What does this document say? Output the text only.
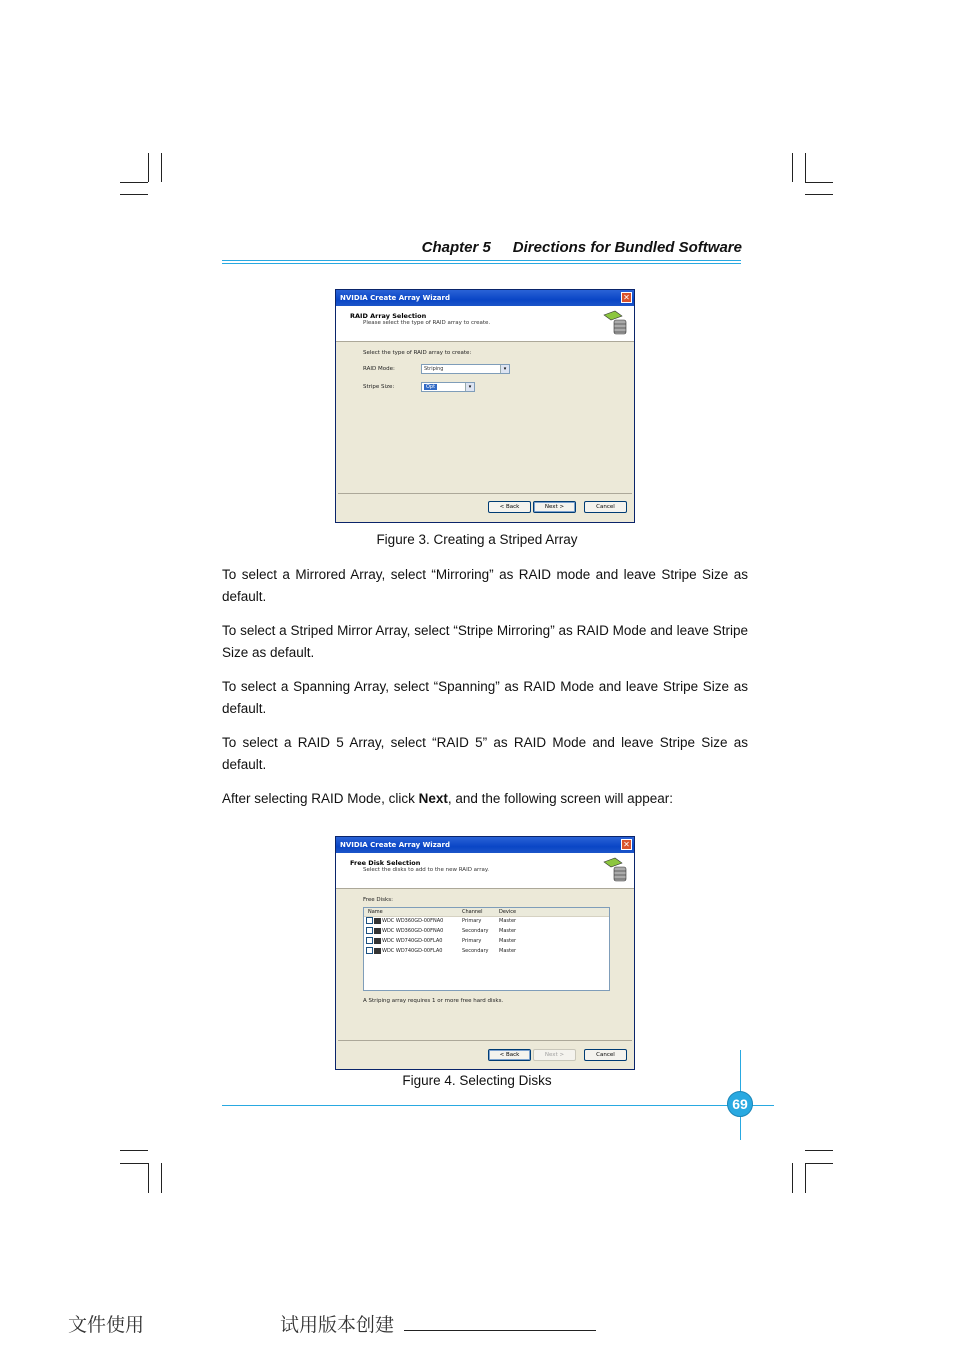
Chapter 5 Directions for Bundled Software
NVIDIA Create Array Wizard	✕
RAID Array Selection
Please select the type of RAID array to create.
Select the type of RAID array to create:
RAID Mode:	Striping	▾
Stripe Size:	Opt	▾
< Back	Next >	Cancel
Figure 3. Creating a Striped Array
To select a Mirrored Array, select “Mirroring” as RAID mode and leave Stripe Size as default.
To select a Striped Mirror Array, select “Stripe Mirroring” as RAID Mode and leave Stripe Size as default.
To select a Spanning Array, select “Spanning” as RAID Mode and leave Stripe Size as default.
To select a RAID 5 Array, select “RAID 5” as RAID Mode and leave Stripe Size as default.
After selecting RAID Mode, click Next, and the following screen will appear:
NVIDIA Create Array Wizard	✕
Free Disk Selection
Select the disks to add to the new RAID array.
Free Disks:
Name	Channel	Device
WDC WD360GD-00FNA0	Primary	Master
WDC WD360GD-00FNA0	Secondary Master
WDC WD740GD-00FLA0	Primary	Master
WDC WD740GD-00FLA0	Secondary Master
A Striping array requires 1 or more free hard disks.
< Back	Next >	Cancel
Figure 4. Selecting Disks
69
文件使用	试用版本创建
